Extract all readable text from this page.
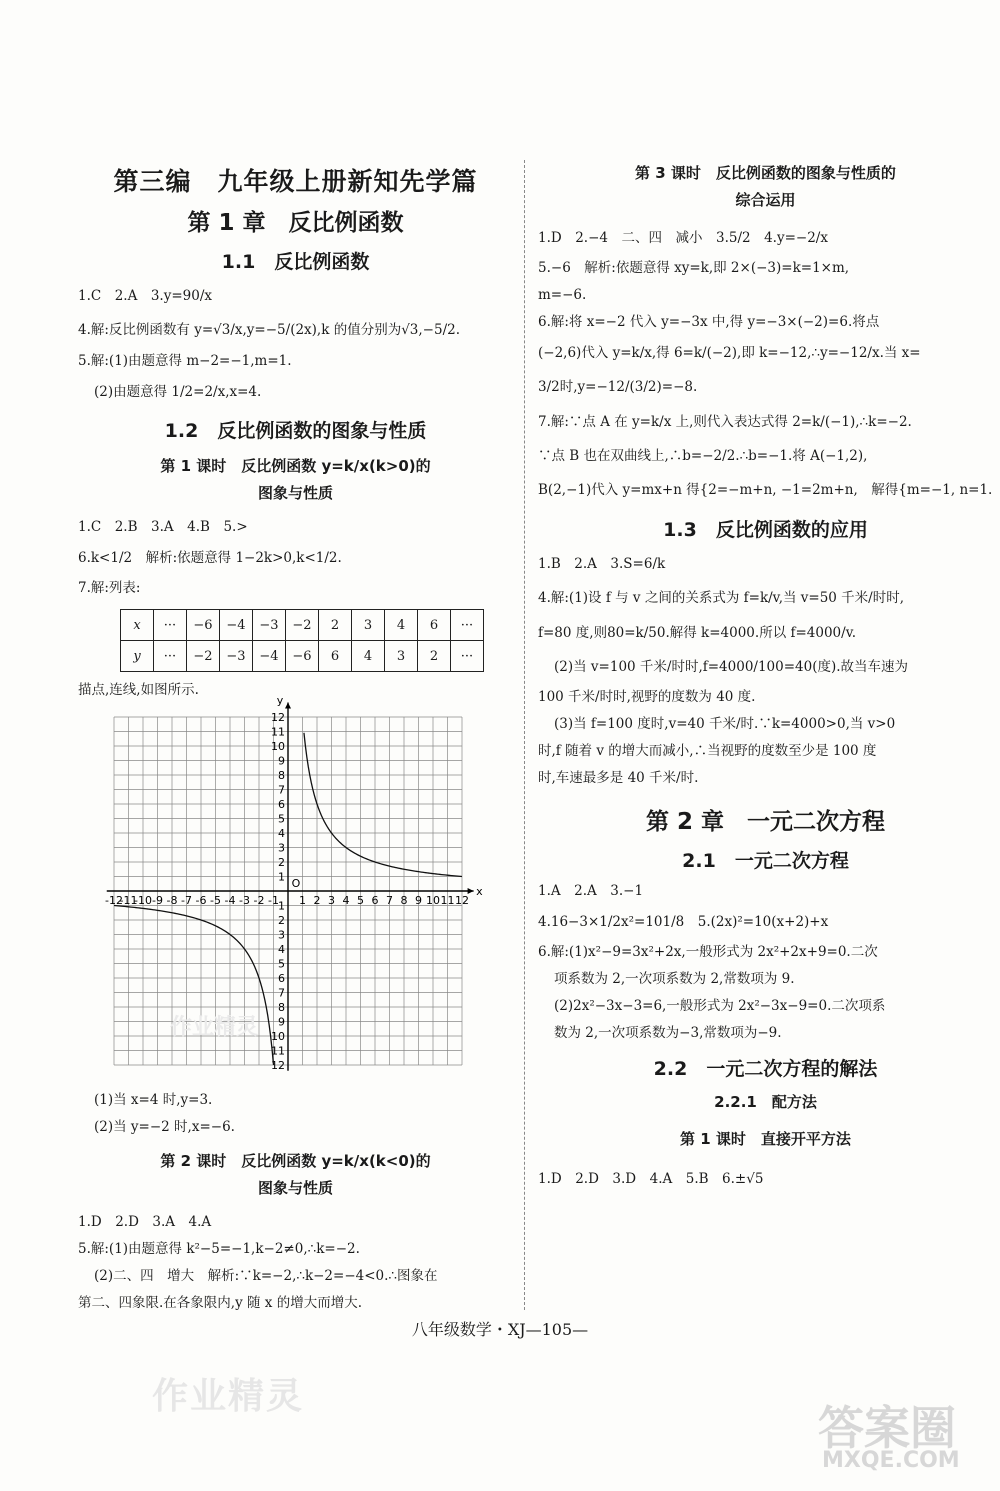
第三编　九年级上册新知先学篇
第 1 章　反比例函数
1.1　反比例函数
1.C　2.A　3.y=90/x
4.解:反比例函数有 y=√3/x,y=−5/(2x),k 的值分别为√3,−5/2.
5.解:(1)由题意得 m−2=−1,m=1.
(2)由题意得 1/2=2/x,x=4.
1.2　反比例函数的图象与性质
第 1 课时　反比例函数 y=k/x(k>0)的
图象与性质
1.C　2.B　3.A　4.B　5.>
6.k<1/2　解析:依题意得 1−2k>0,k<1/2.
7.解:列表:
x	···	−6	−4	−3	−2	2	3	4	6	···
y	···	−2	−3	−4	−6	6	4	3	2	···
描点,连线,如图所示.
1 2 3 4 5 6 7 8 9 10 11 12
-12
-11
-10 -9 -8 -7 -6 -5 -4 -3 -2 -1
1
2
3
4
5
6
7
8
9
10
11
12
1
2
3
4
5
6
7
8
9
10
11
12
O
x
y
(1)当 x=4 时,y=3.
(2)当 y=−2 时,x=−6.
第 2 课时　反比例函数 y=k/x(k<0)的
图象与性质
1.D　2.D　3.A　4.A
5.解:(1)由题意得 k²−5=−1,k−2≠0,∴k=−2.
(2)二、四　增大　解析:∵k=−2,∴k−2=−4<0.∴图象在
第二、四象限.在各象限内,y 随 x 的增大而增大.
第 3 课时　反比例函数的图象与性质的
综合运用
1.D　2.−4　二、四　减小　3.5/2　4.y=−2/x
5.−6　解析:依题意得 xy=k,即 2×(−3)=k=1×m,
m=−6.
6.解:将 x=−2 代入 y=−3x 中,得 y=−3×(−2)=6.将点
(−2,6)代入 y=k/x,得 6=k/(−2),即 k=−12,∴y=−12/x.当 x=
3/2时,y=−12/(3/2)=−8.
7.解:∵点 A 在 y=k/x 上,则代入表达式得 2=k/(−1),∴k=−2.
∵点 B 也在双曲线上,∴b=−2/2.∴b=−1.将 A(−1,2),
B(2,−1)代入 y=mx+n 得{2=−m+n, −1=2m+n,　解得{m=−1, n=1.
1.3　反比例函数的应用
1.B　2.A　3.S=6/k
4.解:(1)设 f 与 v 之间的关系式为 f=k/v,当 v=50 千米/时时,
f=80 度,则80=k/50.解得 k=4000.所以 f=4000/v.
(2)当 v=100 千米/时时,f=4000/100=40(度).故当车速为
100 千米/时时,视野的度数为 40 度.
(3)当 f=100 度时,v=40 千米/时.∵k=4000>0,当 v>0
时,f 随着 v 的增大而减小,∴当视野的度数至少是 100 度
时,车速最多是 40 千米/时.
第 2 章　一元二次方程
2.1　一元二次方程
1.A　2.A　3.−1
4.16−3×1/2x²=101/8　5.(2x)²=10(x+2)+x
6.解:(1)x²−9=3x²+2x,一般形式为 2x²+2x+9=0.二次
项系数为 2,一次项系数为 2,常数项为 9.
(2)2x²−3x−3=6,一般形式为 2x²−3x−9=0.二次项系
数为 2,一次项系数为−3,常数项为−9.
2.2　一元二次方程的解法
2.2.1　配方法
第 1 课时　直接开平方法
1.D　2.D　3.D　4.A　5.B　6.±√5
八年级数学・XJ—105—
作业精灵
作业精灵
答案圈
MXQE.COM
